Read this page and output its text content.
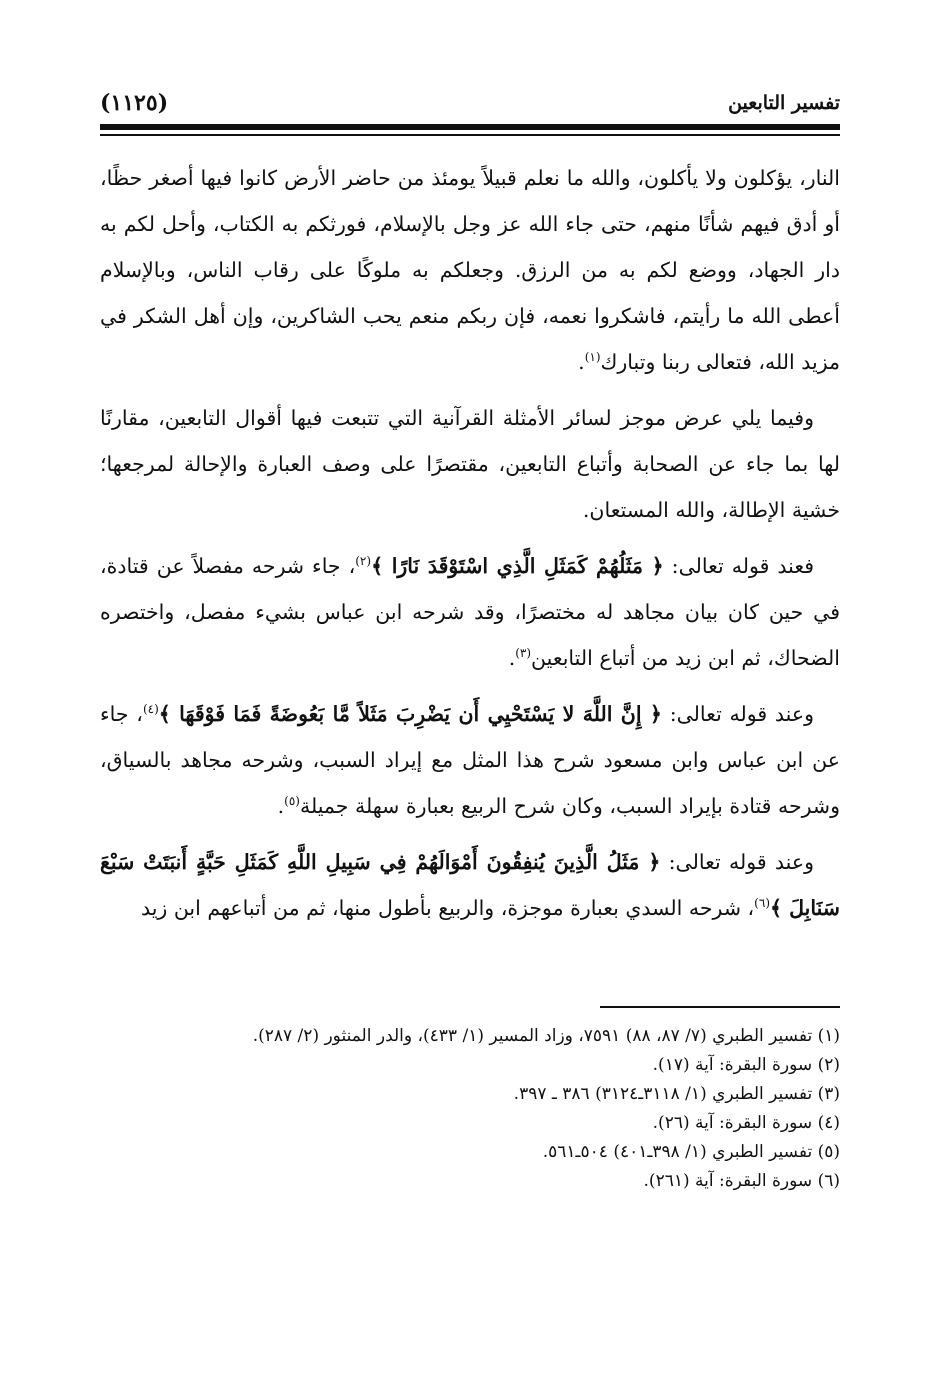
تفسير التابعين
(١١٢٥)

النار، يؤكلون ولا يأكلون، والله ما نعلم قبيلاً يومئذ من حاضر الأرض كانوا فيها أصغر حظًا، أو أدق فيهم شأنًا منهم، حتى جاء الله عز وجل بالإسلام، فورثكم به الكتاب، وأحل لكم به دار الجهاد، ووضع لكم به من الرزق. وجعلكم به ملوكًا على رقاب الناس، وبالإسلام أعطى الله ما رأيتم، فاشكروا نعمه، فإن ربكم منعم يحب الشاكرين، وإن أهل الشكر في مزيد الله، فتعالى ربنا وتبارك$^{(١)}$.

وفيما يلي عرض موجز لسائر الأمثلة القرآنية التي تتبعت فيها أقوال التابعين، مقارنًا لها بما جاء عن الصحابة وأتباع التابعين، مقتصرًا على وصف العبارة والإحالة لمرجعها؛ خشية الإطالة، والله المستعان.

فعند قوله تعالى: ﴿ مَثَلُهُمْ كَمَثَلِ الَّذِي اسْتَوْقَدَ نَارًا ﴾$^{(٢)}$، جاء شرحه مفصلاً عن قتادة، في حين كان بيان مجاهد له مختصرًا، وقد شرحه ابن عباس بشيء مفصل، واختصره الضحاك، ثم ابن زيد من أتباع التابعين$^{(٣)}$.

وعند قوله تعالى: ﴿ إِنَّ اللَّهَ لا يَسْتَحْيِي أَن يَضْرِبَ مَثَلاً مَّا بَعُوضَةً فَمَا فَوْقَهَا ﴾$^{(٤)}$، جاء عن ابن عباس وابن مسعود شرح هذا المثل مع إيراد السبب، وشرحه مجاهد بالسياق، وشرحه قتادة بإيراد السبب، وكان شرح الربيع بعبارة سهلة جميلة$^{(٥)}$.

وعند قوله تعالى: ﴿ مَثَلُ الَّذِينَ يُنفِقُونَ أَمْوَالَهُمْ فِي سَبِيلِ اللَّهِ كَمَثَلِ حَبَّةٍ أَنبَتَتْ سَبْعَ سَنَابِلَ ﴾$^{(٦)}$، شرحه السدي بعبارة موجزة، والربيع بأطول منها، ثم من أتباعهم ابن زيد

(١) تفسير الطبري (٧/ ٨٧، ٨٨) ٧٥٩١، وزاد المسير (١/ ٤٣٣)، والدر المنثور (٢/ ٢٨٧).

(٢) سورة البقرة: آية (١٧).

(٣) تفسير الطبري (١/ ٣١١٨ـ٣١٢٤) ٣٨٦ ـ ٣٩٧.

(٤) سورة البقرة: آية (٢٦).

(٥) تفسير الطبري (١/ ٣٩٨ـ٤٠١) ٥٠٤ـ٥٦١.

(٦) سورة البقرة: آية (٢٦١).
